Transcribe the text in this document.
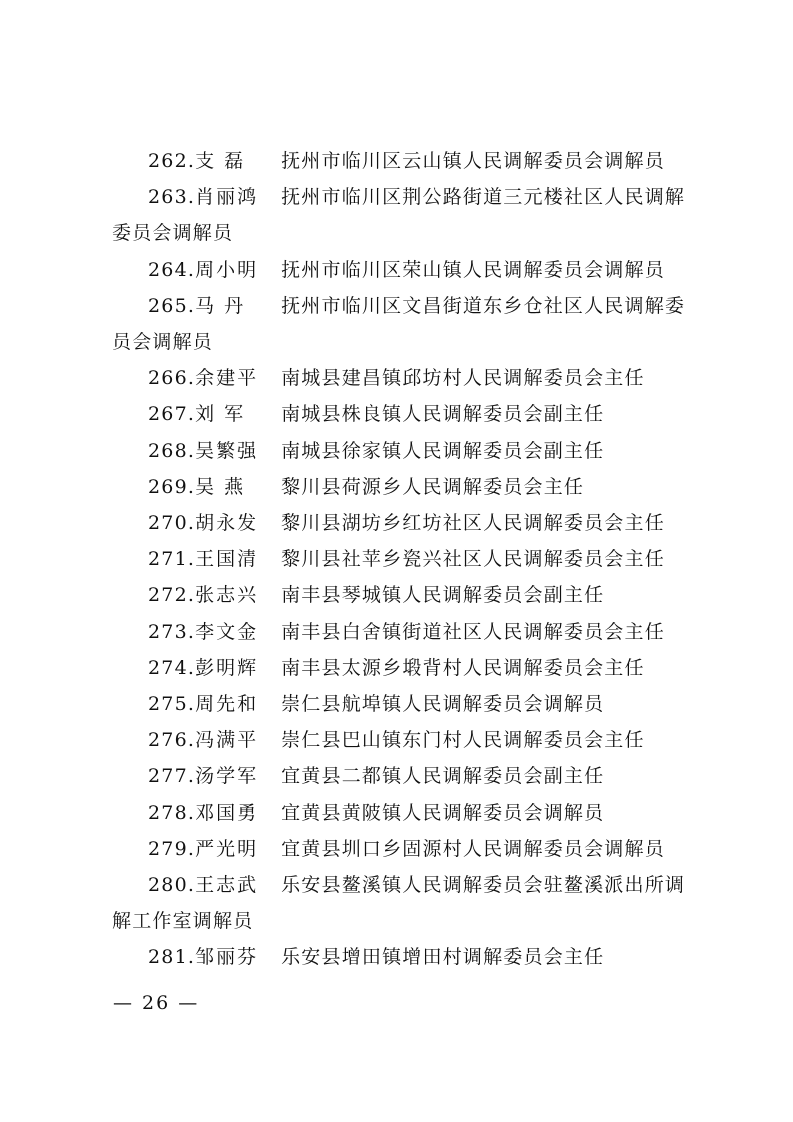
262.支 磊 抚州市临川区云山镇人民调解委员会调解员
263.肖丽鸿 抚州市临川区荆公路街道三元楼社区人民调解委员会调解员
264.周小明 抚州市临川区荣山镇人民调解委员会调解员
265.马 丹 抚州市临川区文昌街道东乡仓社区人民调解委员会调解员
266.余建平 南城县建昌镇邱坊村人民调解委员会主任
267.刘 军 南城县株良镇人民调解委员会副主任
268.吴繁强 南城县徐家镇人民调解委员会副主任
269.吴 燕 黎川县荷源乡人民调解委员会主任
270.胡永发 黎川县湖坊乡红坊社区人民调解委员会主任
271.王国清 黎川县社苹乡瓷兴社区人民调解委员会主任
272.张志兴 南丰县琴城镇人民调解委员会副主任
273.李文金 南丰县白舍镇街道社区人民调解委员会主任
274.彭明辉 南丰县太源乡塅背村人民调解委员会主任
275.周先和 崇仁县航埠镇人民调解委员会调解员
276.冯满平 崇仁县巴山镇东门村人民调解委员会主任
277.汤学军 宜黄县二都镇人民调解委员会副主任
278.邓国勇 宜黄县黄陂镇人民调解委员会调解员
279.严光明 宜黄县圳口乡固源村人民调解委员会调解员
280.王志武 乐安县鳌溪镇人民调解委员会驻鳌溪派出所调解工作室调解员
281.邹丽芬 乐安县增田镇增田村调解委员会主任
— 26 —
